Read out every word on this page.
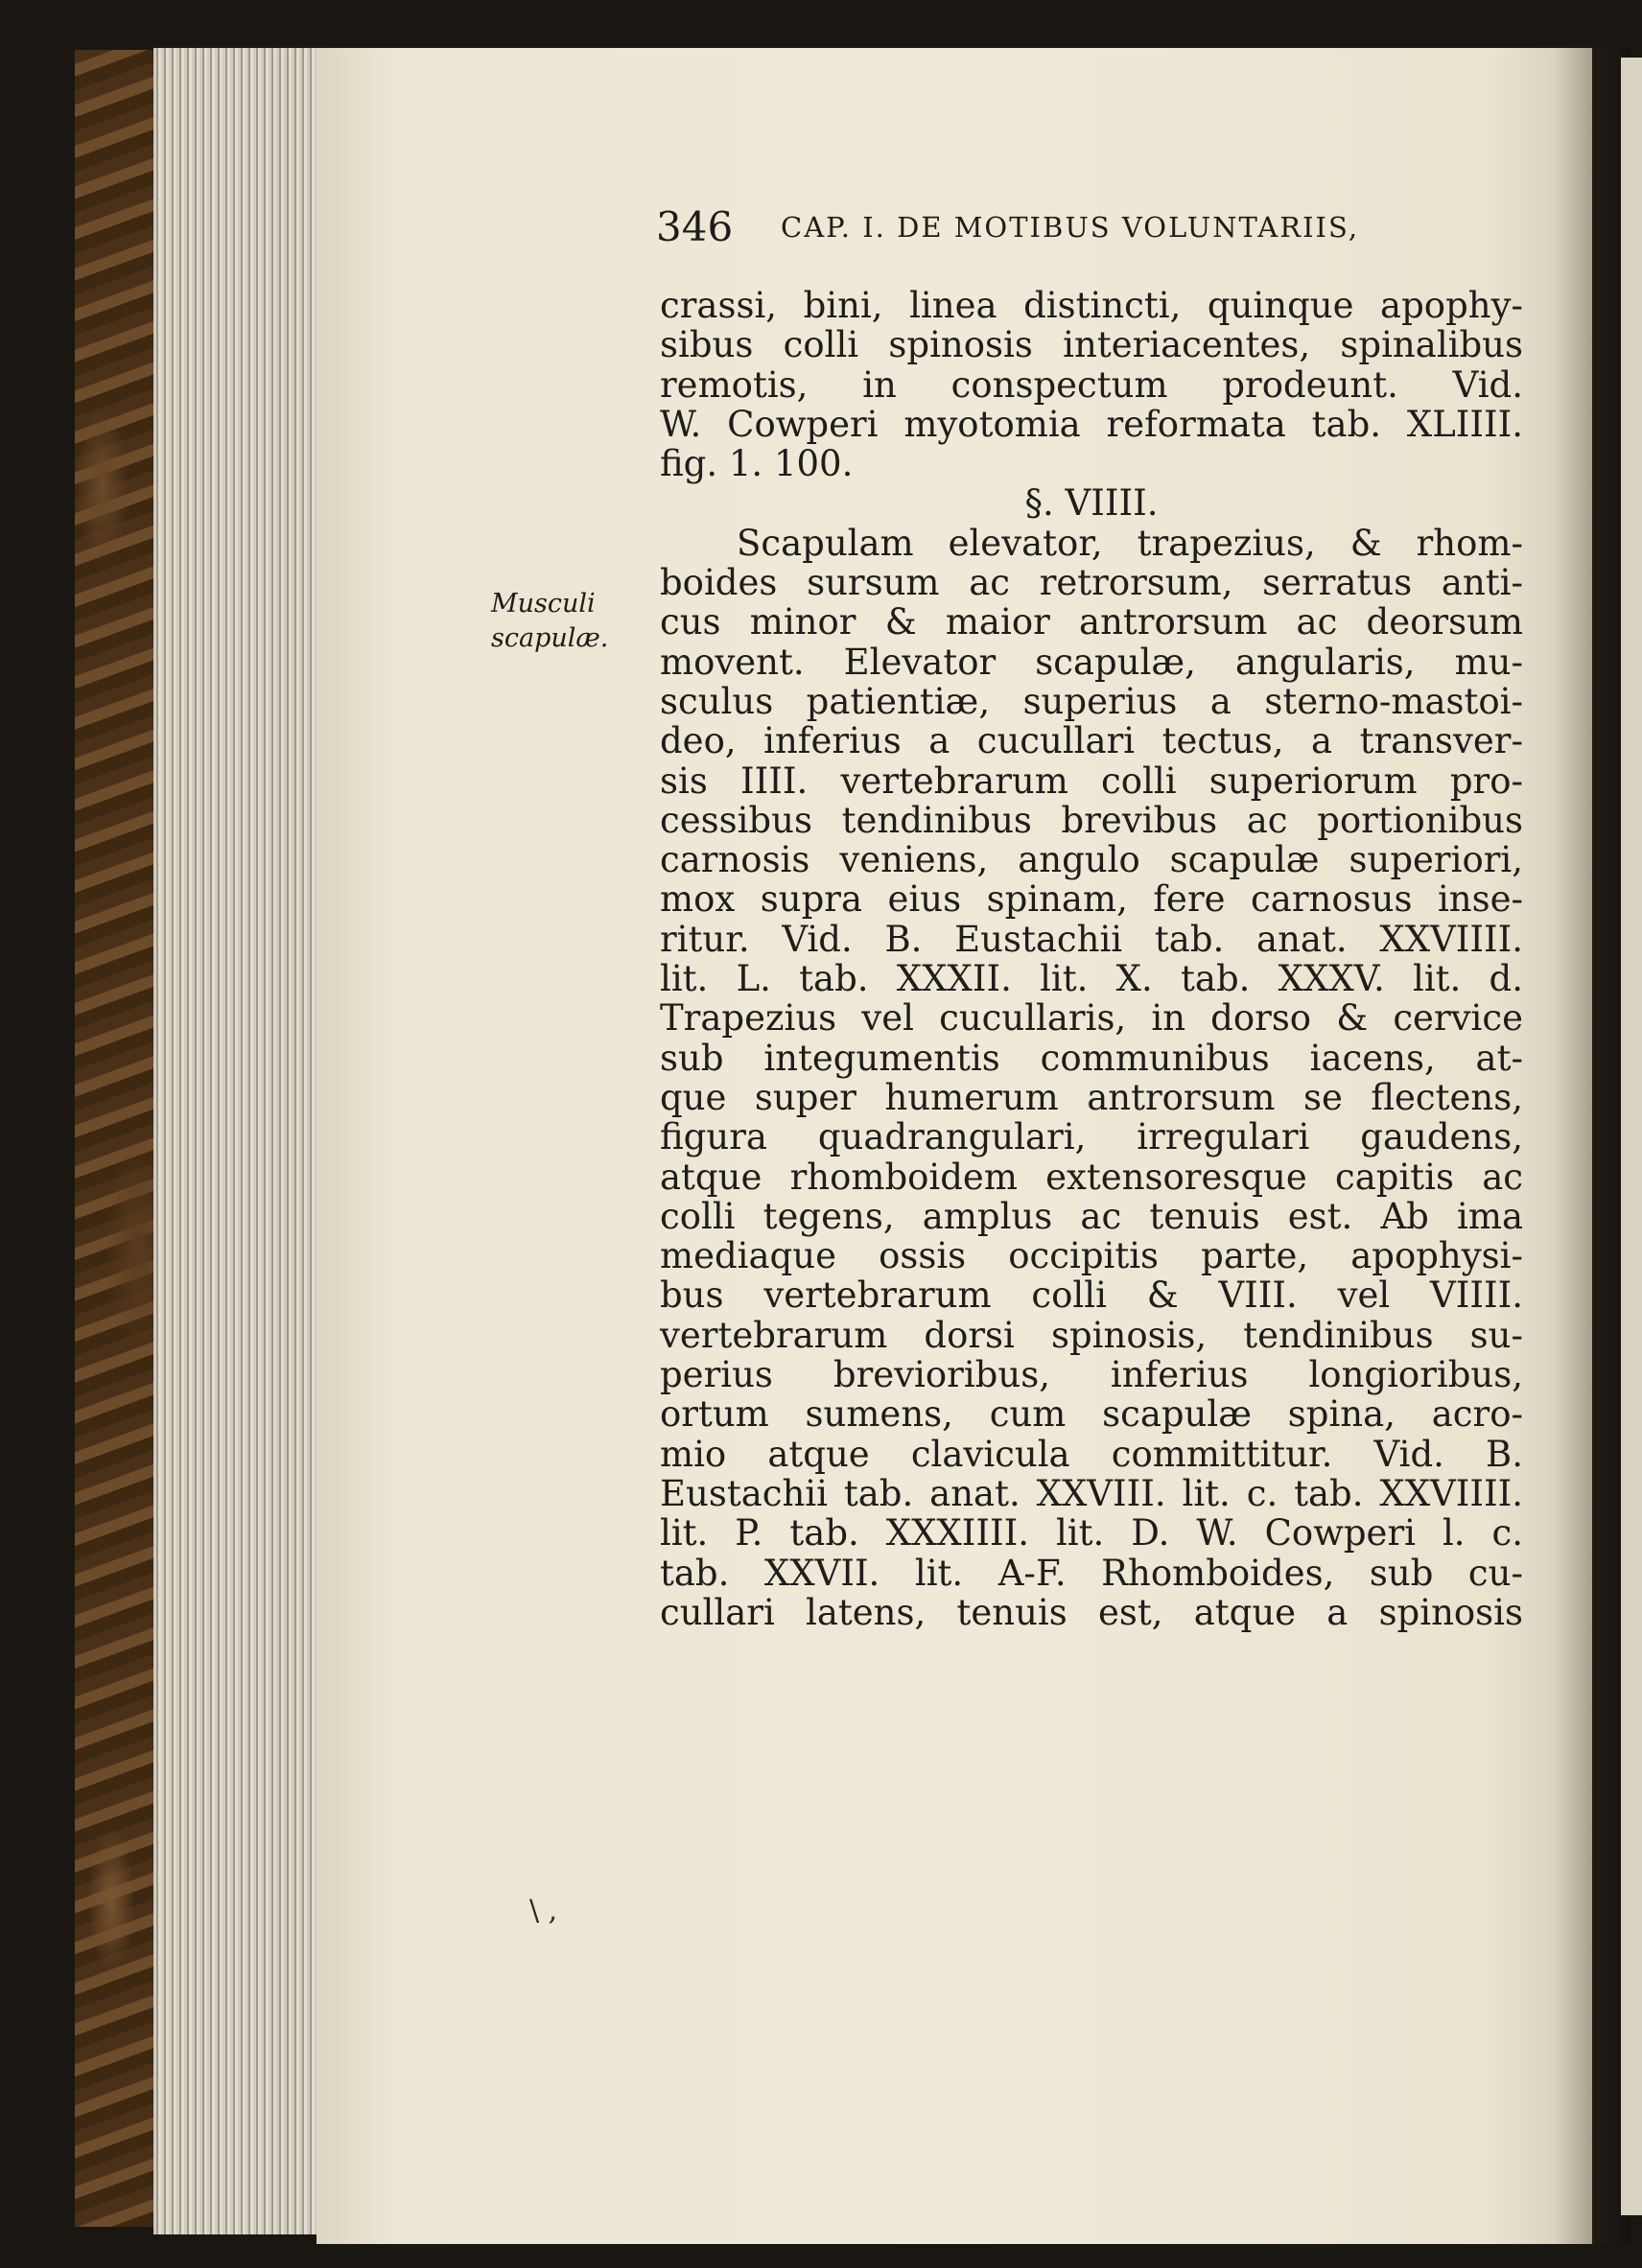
346 CAP. I. DE MOTIBUS VOLUNTARIIS,
Musculi
scapulæ.
\ ,
crassi, bini, linea distincti, quinque apophy-
sibus colli spinosis interiacentes, spinalibus
remotis, in conspectum prodeunt. Vid.
W. Cowperi myotomia reformata tab. XLIIII.
fig. 1. 100.
§. VIIII.
Scapulam elevator, trapezius, & rhom-
boides sursum ac retrorsum, serratus anti-
cus minor & maior antrorsum ac deorsum
movent. Elevator scapulæ, angularis, mu-
sculus patientiæ, superius a sterno-mastoi-
deo, inferius a cucullari tectus, a transver-
sis IIII. vertebrarum colli superiorum pro-
cessibus tendinibus brevibus ac portionibus
carnosis veniens, angulo scapulæ superiori,
mox supra eius spinam, fere carnosus inse-
ritur. Vid. B. Eustachii tab. anat. XXVIIII.
lit. L. tab. XXXII. lit. X. tab. XXXV. lit. d.
Trapezius vel cucullaris, in dorso & cervice
sub integumentis communibus iacens, at-
que super humerum antrorsum se flectens,
figura quadrangulari, irregulari gaudens,
atque rhomboidem extensoresque capitis ac
colli tegens, amplus ac tenuis est. Ab ima
mediaque ossis occipitis parte, apophysi-
bus vertebrarum colli & VIII. vel VIIII.
vertebrarum dorsi spinosis, tendinibus su-
perius brevioribus, inferius longioribus,
ortum sumens, cum scapulæ spina, acro-
mio atque clavicula committitur. Vid. B.
Eustachii tab. anat. XXVIII. lit. c. tab. XXVIIII.
lit. P. tab. XXXIIII. lit. D. W. Cowperi l. c.
tab. XXVII. lit. A-F. Rhomboides, sub cu-
cullari latens, tenuis est, atque a spinosis
